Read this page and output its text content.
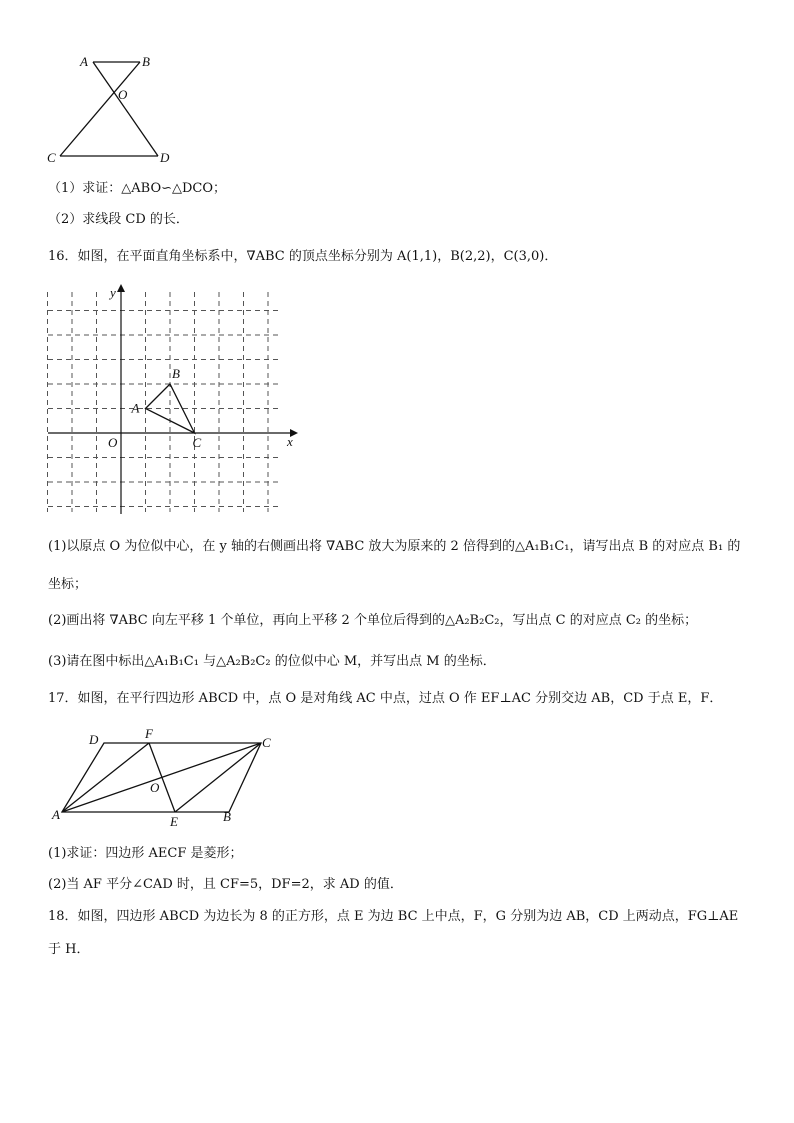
A	B
O
C	D
（1）求证：△ABO∽△DCO；
（2）求线段 CD 的长．
16．如图，在平面直角坐标系中，∇ABC 的顶点坐标分别为 A(1,1)，B(2,2)，C(3,0)．
x
y
O
A
B
C
(1)以原点 O 为位似中心，在 y 轴的右侧画出将 ∇ABC 放大为原来的 2 倍得到的△A₁B₁C₁，请写出点 B 的对应点 B₁ 的
坐标；
(2)画出将 ∇ABC 向左平移 1 个单位，再向上平移 2 个单位后得到的△A₂B₂C₂，写出点 C 的对应点 C₂ 的坐标；
(3)请在图中标出△A₁B₁C₁ 与△A₂B₂C₂ 的位似中心 M，并写出点 M 的坐标．
17．如图，在平行四边形 ABCD 中，点 O 是对角线 AC 中点，过点 O 作 EF⊥AC 分别交边 AB，CD 于点 E，F．
D	F
C
O
A	E	B
(1)求证：四边形 AECF 是菱形；
(2)当 AF 平分∠CAD 时，且 CF=5，DF=2，求 AD 的值．
18．如图，四边形 ABCD 为边长为 8 的正方形，点 E 为边 BC 上中点，F，G 分别为边 AB，CD 上两动点，FG⊥AE
于 H．
